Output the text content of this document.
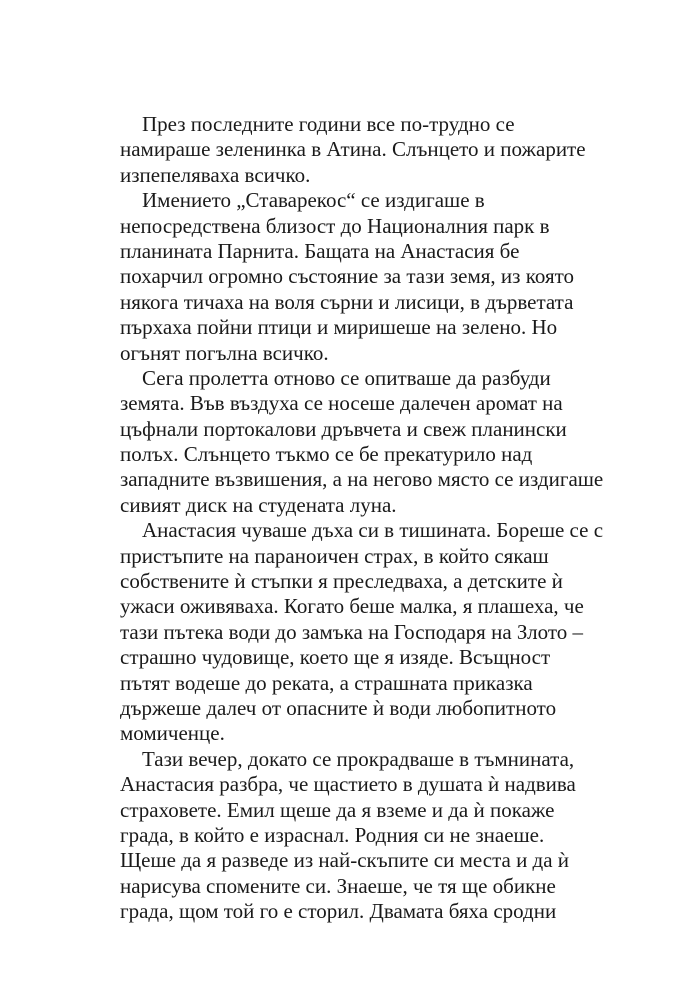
През последните години все по-трудно се
намираше зеленинка в Атина. Слънцето и пожарите
изпепеляваха всичко.
Имението „Ставарекос“ се издигаше в
непосредствена близост до Националния парк в
планината Парнита. Бащата на Анастасия бе
похарчил огромно състояние за тази земя, из която
някога тичаха на воля сърни и лисици, в дърветата
пърхаха пойни птици и миришеше на зелено. Но
огънят погълна всичко.
Сега пролетта отново се опитваше да разбуди
земята. Във въздуха се носеше далечен аромат на
цъфнали портокалови дръвчета и свеж планински
полъх. Слънцето тъкмо се бе прекатурило над
западните възвишения, а на негово място се издигаше
сивият диск на студената луна.
Анастасия чуваше дъха си в тишината. Бореше се с
пристъпите на параноичен страх, в който сякаш
собствените ѝ стъпки я преследваха, а детските ѝ
ужаси оживяваха. Когато беше малка, я плашеха, че
тази пътека води до замъка на Господаря на Злото –
страшно чудовище, което ще я изяде. Всъщност
пътят водеше до реката, а страшната приказка
държеше далеч от опасните ѝ води любопитното
момиченце.
Тази вечер, докато се прокрадваше в тъмнината,
Анастасия разбра, че щастието в душата ѝ надвива
страховете. Емил щеше да я вземе и да ѝ покаже
града, в който е израснал. Родния си не знаеше.
Щеше да я разведе из най-скъпите си места и да ѝ
нарисува спомените си. Знаеше, че тя ще обикне
града, щом той го е сторил. Двамата бяха сродни
